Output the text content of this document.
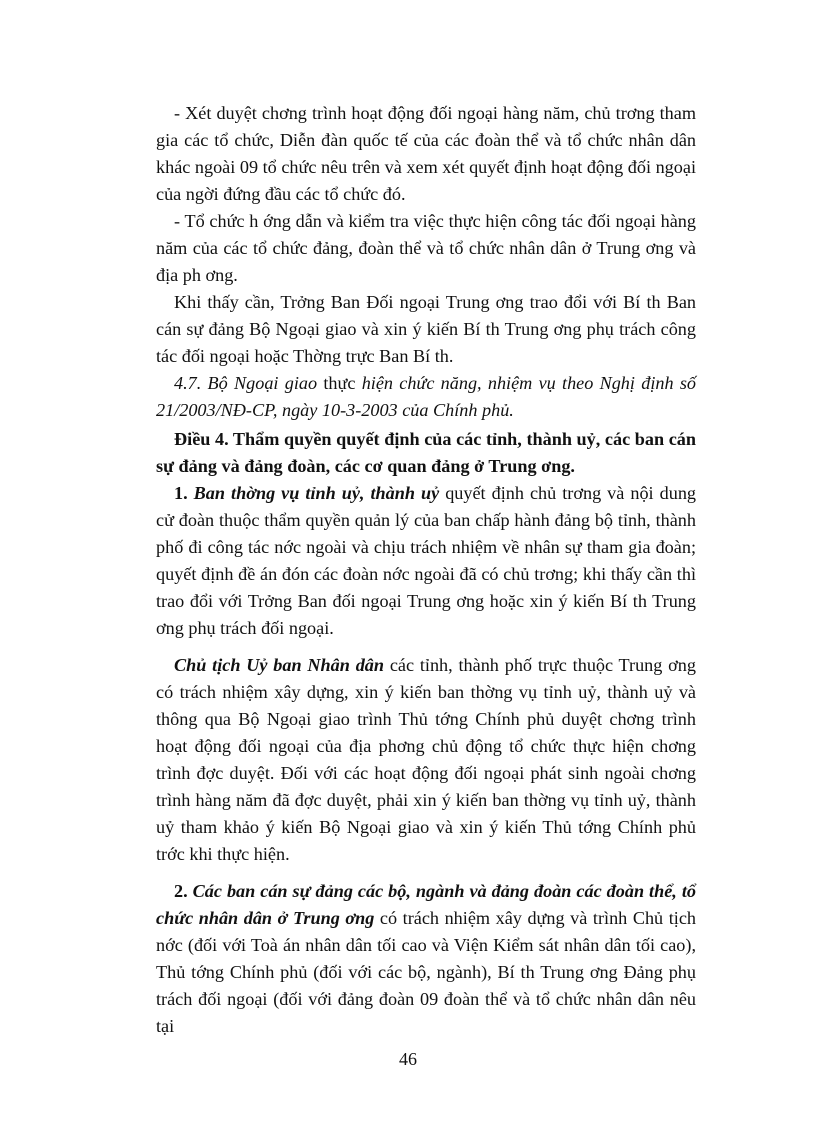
- Xét duyệt chơng trình hoạt động đối ngoại hàng năm, chủ trơng tham gia các tổ chức, Diễn đàn quốc tế của các đoàn thể và tổ chức nhân dân khác ngoài 09 tổ chức nêu trên và xem xét quyết định hoạt động đối ngoại của ngời đứng đầu các tổ chức đó.

- Tổ chức h ớng dẫn và kiểm tra việc thực hiện công tác đối ngoại hàng năm của các tổ chức đảng, đoàn thể và tổ chức nhân dân ở Trung ơng và địa ph ơng.

Khi thấy cần, Trởng Ban Đối ngoại Trung ơng trao đổi với Bí th Ban cán sự đảng Bộ Ngoại giao và xin ý kiến Bí th Trung ơng phụ trách công tác đối ngoại hoặc Thờng trực Ban Bí th.

4.7. Bộ Ngoại giao thực hiện chức năng, nhiệm vụ theo Nghị định số 21/2003/NĐ-CP, ngày 10-3-2003 của Chính phủ.

Điều 4. Thẩm quyền quyết định của các tỉnh, thành uỷ, các ban cán sự đảng và đảng đoàn, các cơ quan đảng ở Trung ơng.

1. Ban thờng vụ tỉnh uỷ, thành uỷ quyết định chủ trơng và nội dung cử đoàn thuộc thẩm quyền quản lý của ban chấp hành đảng bộ tỉnh, thành phố đi công tác nớc ngoài và chịu trách nhiệm về nhân sự tham gia đoàn; quyết định đề án đón các đoàn nớc ngoài đã có chủ trơng; khi thấy cần thì trao đổi với Trởng Ban đối ngoại Trung ơng hoặc xin ý kiến Bí th Trung ơng phụ trách đối ngoại.

Chủ tịch Uỷ ban Nhân dân các tỉnh, thành phố trực thuộc Trung ơng có trách nhiệm xây dựng, xin ý kiến ban thờng vụ tỉnh uỷ, thành uỷ và thông qua Bộ Ngoại giao trình Thủ tớng Chính phủ duyệt chơng trình hoạt động đối ngoại của địa phơng chủ động tổ chức thực hiện chơng trình đợc duyệt. Đối với các hoạt động đối ngoại phát sinh ngoài chơng trình hàng năm đã đợc duyệt, phải xin ý kiến ban thờng vụ tỉnh uỷ, thành uỷ tham khảo ý kiến Bộ Ngoại giao và xin ý kiến Thủ tớng Chính phủ trớc khi thực hiện.

2. Các ban cán sự đảng các bộ, ngành và đảng đoàn các đoàn thể, tổ chức nhân dân ở Trung ơng có trách nhiệm xây dựng và trình Chủ tịch nớc (đối với Toà án nhân dân tối cao và Viện Kiểm sát nhân dân tối cao), Thủ tớng Chính phủ (đối với các bộ, ngành), Bí th Trung ơng Đảng phụ trách đối ngoại (đối với đảng đoàn 09 đoàn thể và tổ chức nhân dân nêu tại

46
